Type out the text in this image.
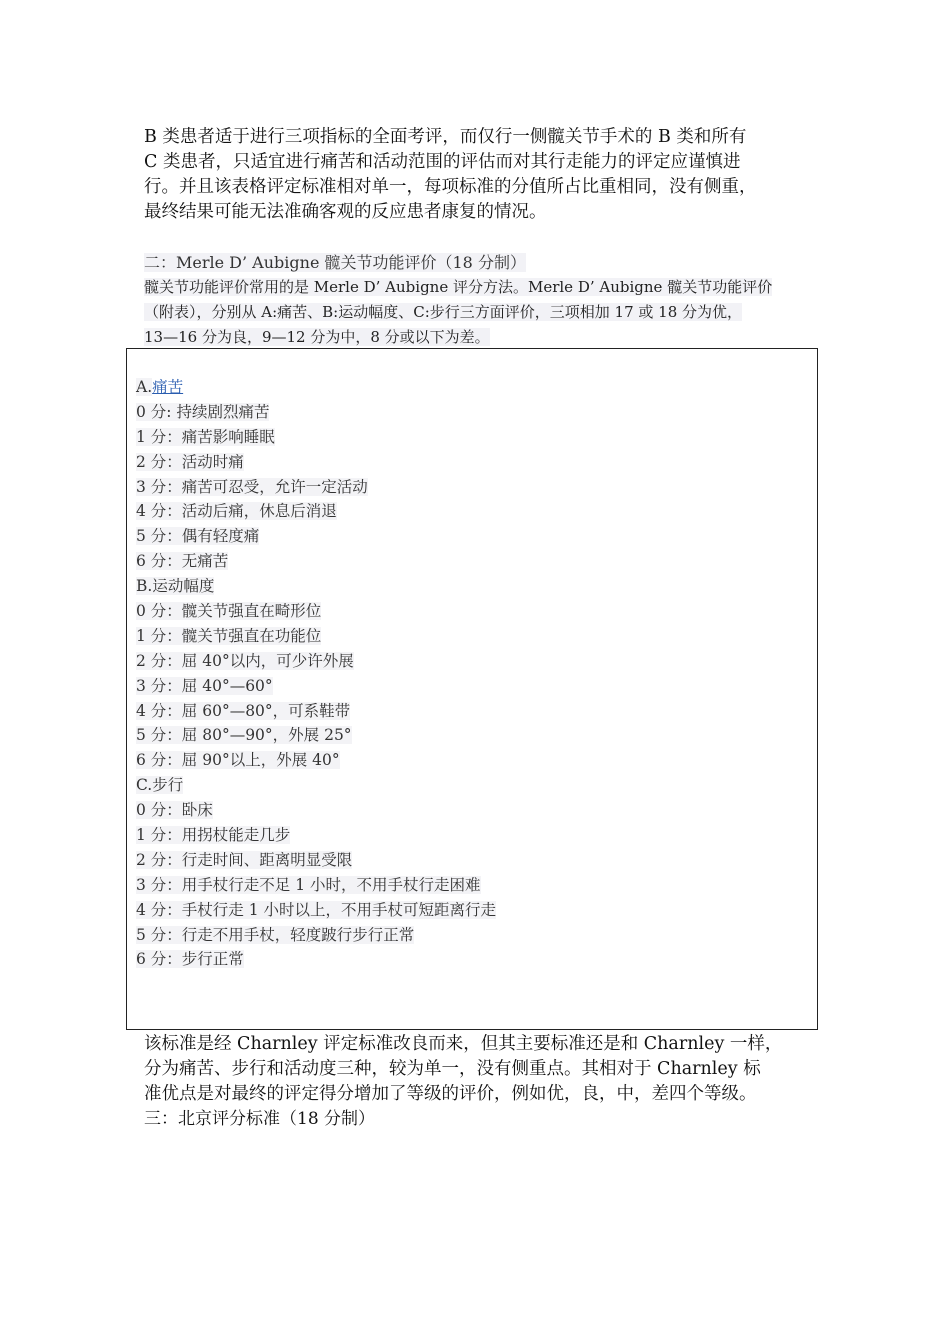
B 类患者适于进行三项指标的全面考评，而仅行一侧髋关节手术的 B 类和所有
C 类患者，只适宜进行痛苦和活动范围的评估而对其行走能力的评定应谨慎进
行。并且该表格评定标准相对单一，每项标准的分值所占比重相同，没有侧重，
最终结果可能无法准确客观的反应患者康复的情况。
二：Merle D’ Aubigne 髋关节功能评价（18 分制）
髋关节功能评价常用的是 Merle D’ Aubigne 评分方法。Merle D’ Aubigne 髋关节功能评价
（附表），分别从 A:痛苦、B:运动幅度、C:步行三方面评价，三项相加 17 或 18 分为优，
13—16 分为良，9—12 分为中，8 分或以下为差。
A.痛苦
0 分: 持续剧烈痛苦
1 分：痛苦影响睡眠
2 分：活动时痛
3 分：痛苦可忍受，允许一定活动
4 分：活动后痛，休息后消退
5 分：偶有轻度痛
6 分：无痛苦
B.运动幅度
0 分：髋关节强直在畸形位
1 分：髋关节强直在功能位
2 分：屈 40°以内，可少许外展
3 分：屈 40°—60°
4 分：屈 60°—80°，可系鞋带
5 分：屈 80°—90°，外展 25°
6 分：屈 90°以上，外展 40°
C.步行
0 分：卧床
1 分：用拐杖能走几步
2 分：行走时间、距离明显受限
3 分：用手杖行走不足 1 小时，不用手杖行走困难
4 分：手杖行走 1 小时以上，不用手杖可短距离行走
5 分：行走不用手杖，轻度跛行步行正常
6 分：步行正常
该标准是经 Charnley 评定标准改良而来，但其主要标准还是和 Charnley 一样，
分为痛苦、步行和活动度三种，较为单一，没有侧重点。其相对于 Charnley 标
准优点是对最终的评定得分增加了等级的评价，例如优，良，中，差四个等级。
三：北京评分标准（18 分制）
